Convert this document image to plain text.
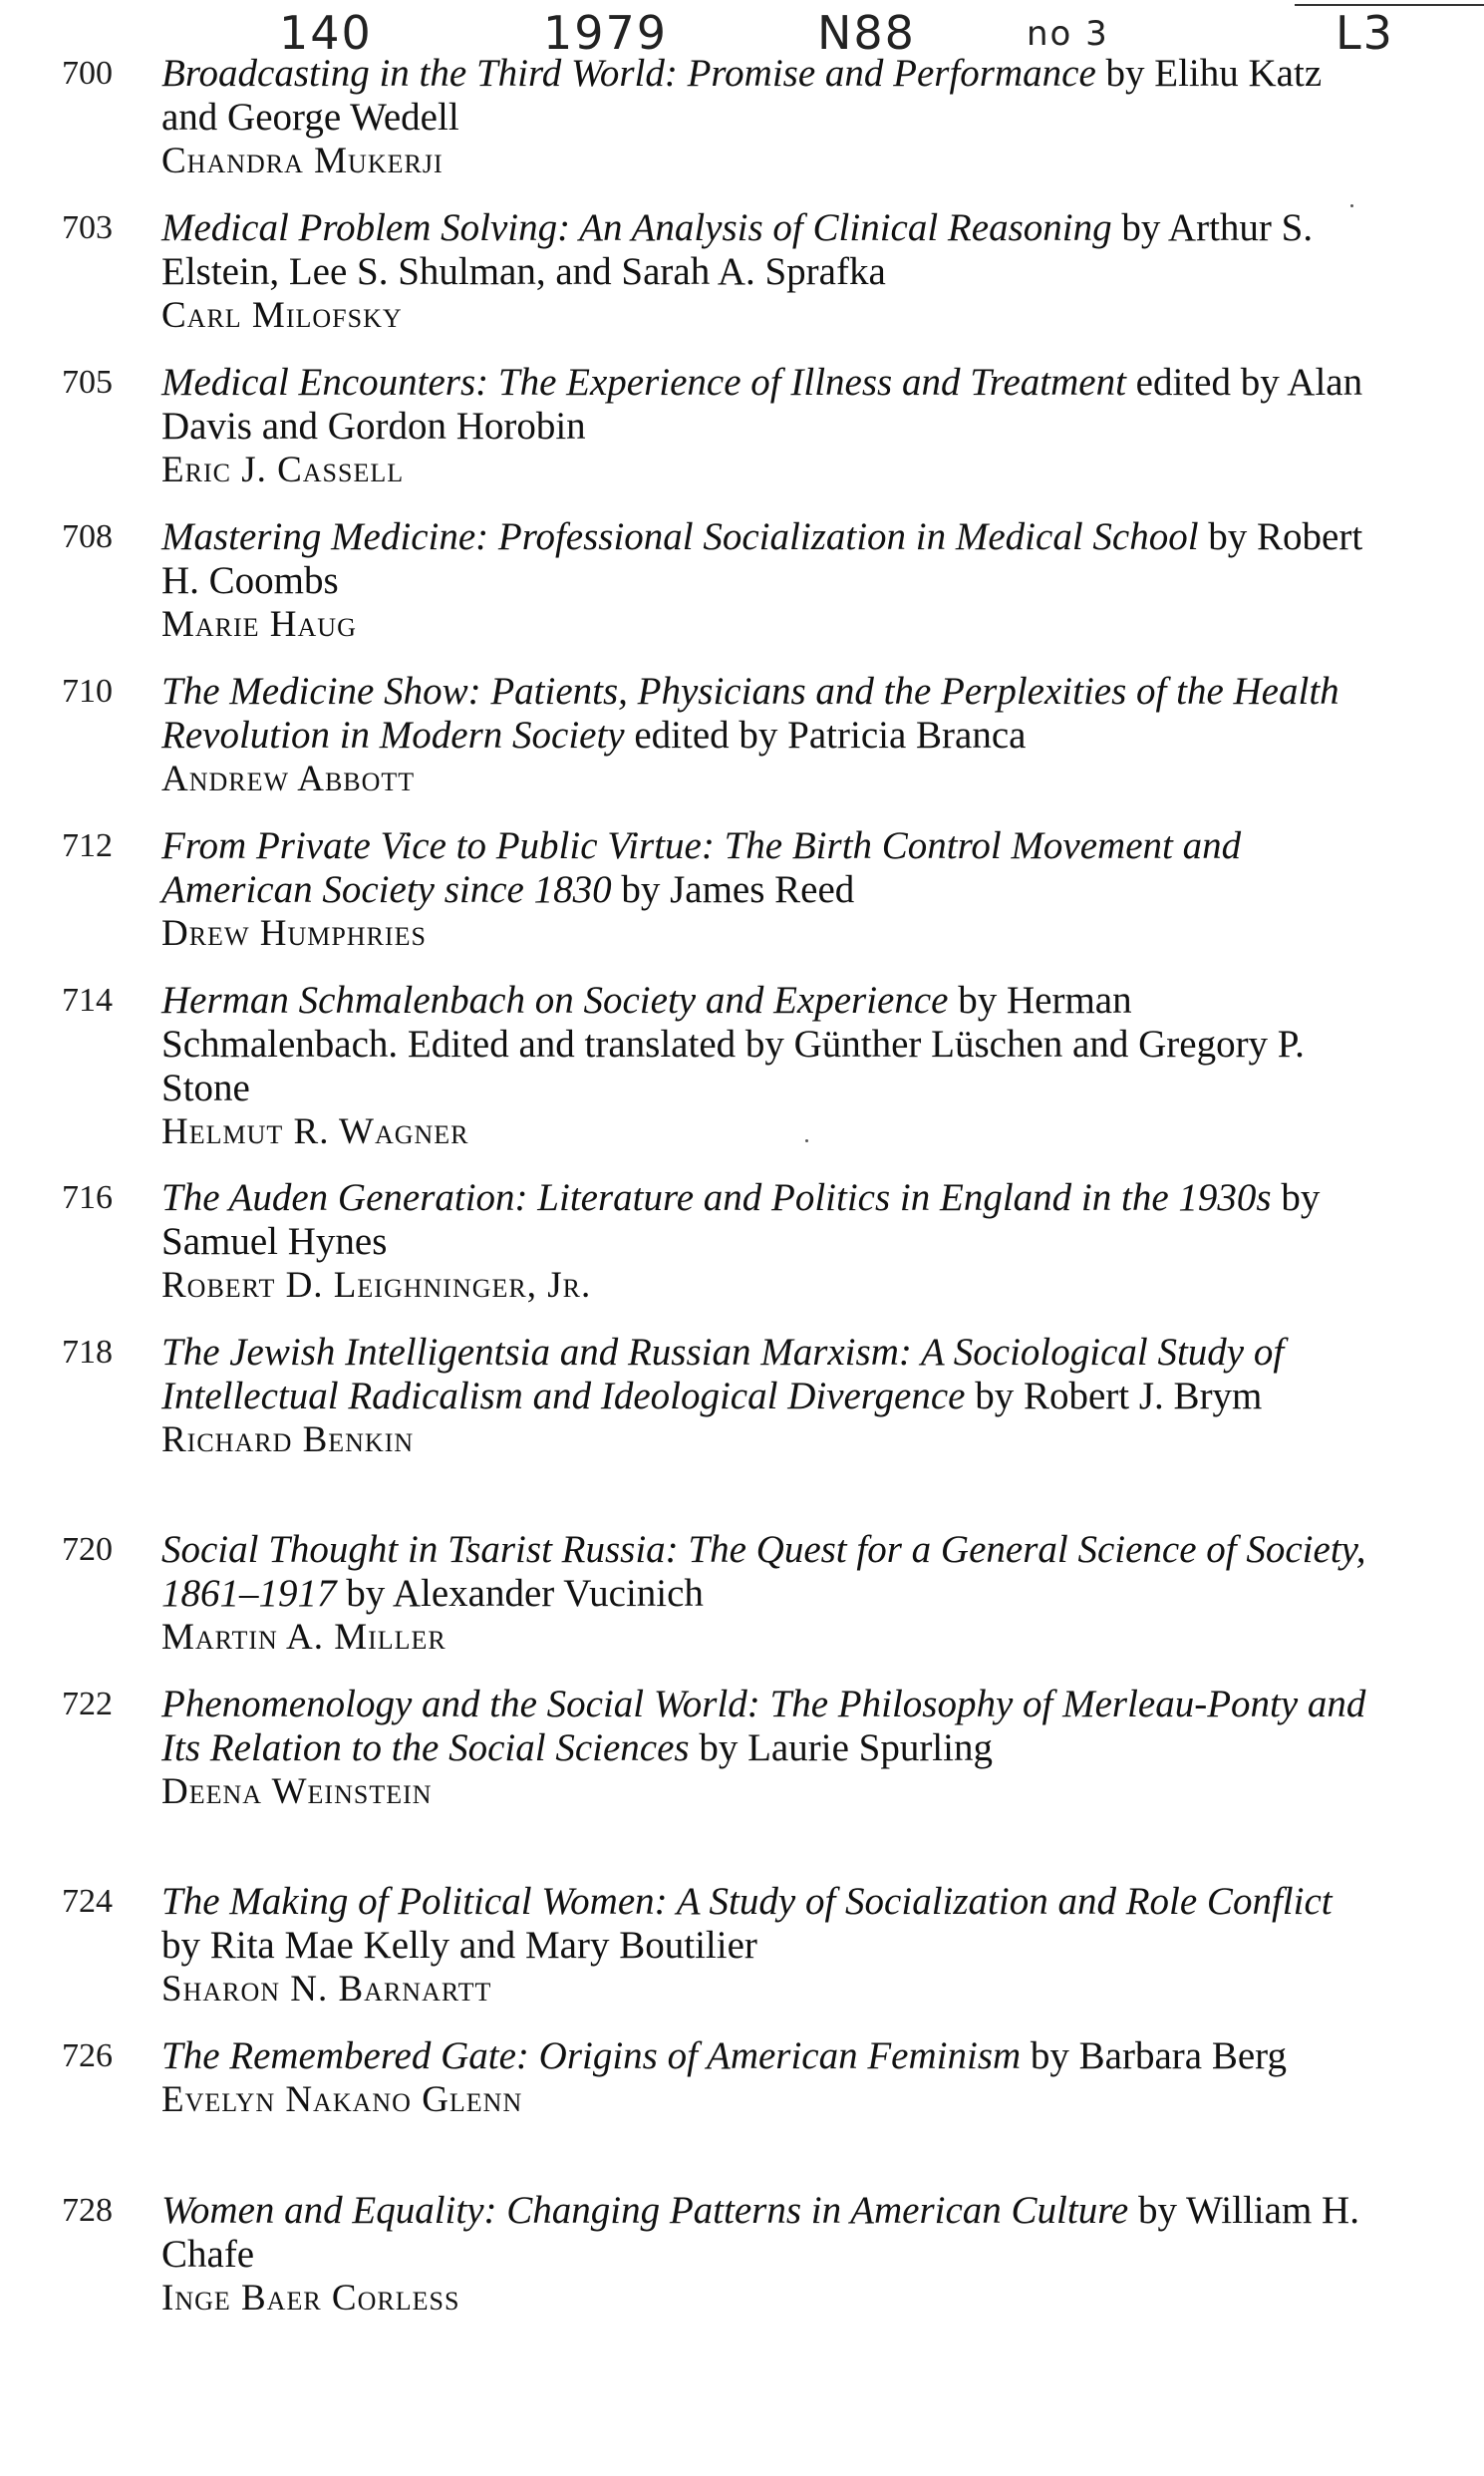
140	1979	N88	no 3	L3
700 Broadcasting in the Third World: Promise and Performance by Elihu Katz and George Wedell
Chandra Mukerji
703 Medical Problem Solving: An Analysis of Clinical Reasoning by Arthur S. Elstein, Lee S. Shulman, and Sarah A. Sprafka
Carl Milofsky
705 Medical Encounters: The Experience of Illness and Treatment edited by Alan Davis and Gordon Horobin
Eric J. Cassell
708 Mastering Medicine: Professional Socialization in Medical School by Robert H. Coombs
Marie Haug
710 The Medicine Show: Patients, Physicians and the Perplexities of the Health Revolution in Modern Society edited by Patricia Branca
Andrew Abbott
712 From Private Vice to Public Virtue: The Birth Control Movement and American Society since 1830 by James Reed
Drew Humphries
714 Herman Schmalenbach on Society and Experience by Herman Schmalenbach. Edited and translated by Günther Lüschen and Gregory P. Stone
Helmut R. Wagner
716 The Auden Generation: Literature and Politics in England in the 1930s by Samuel Hynes
Robert D. Leighninger, Jr.
718 The Jewish Intelligentsia and Russian Marxism: A Sociological Study of Intellectual Radicalism and Ideological Divergence by Robert J. Brym
Richard Benkin
720 Social Thought in Tsarist Russia: The Quest for a General Science of Society, 1861–1917 by Alexander Vucinich
Martin A. Miller
722 Phenomenology and the Social World: The Philosophy of Merleau-Ponty and Its Relation to the Social Sciences by Laurie Spurling
Deena Weinstein
724 The Making of Political Women: A Study of Socialization and Role Conflict by Rita Mae Kelly and Mary Boutilier
Sharon N. Barnartt
726 The Remembered Gate: Origins of American Feminism by Barbara Berg
Evelyn Nakano Glenn
728 Women and Equality: Changing Patterns in American Culture by William H. Chafe
Inge Baer Corless
